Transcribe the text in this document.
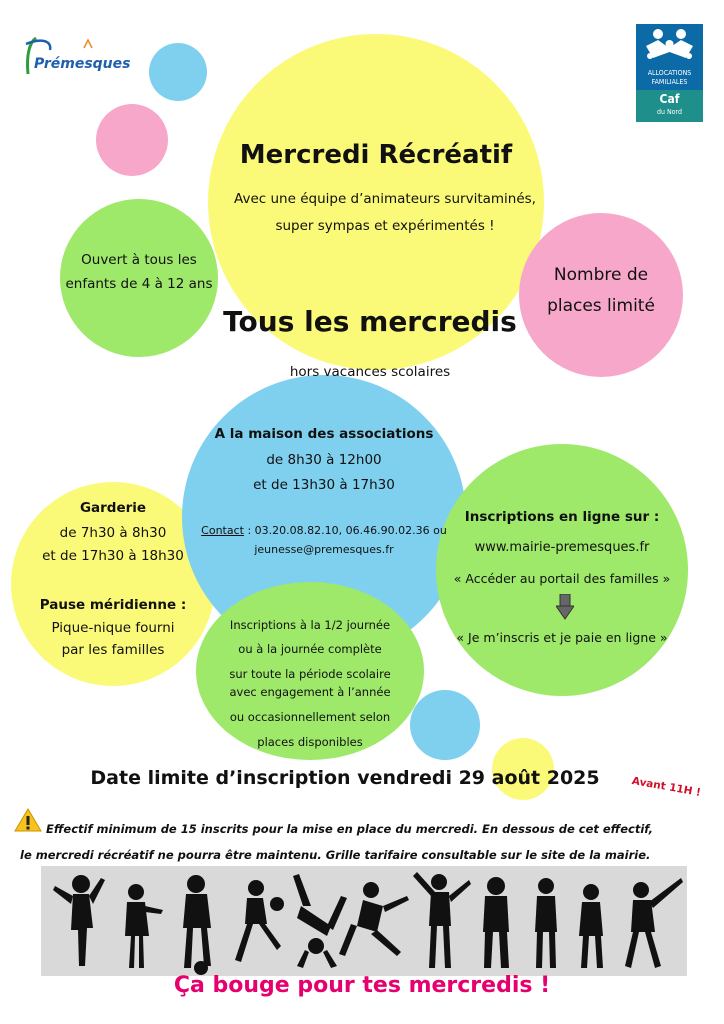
Prémesques
ALLOCATIONS
FAMILIALES
Caf
du Nord
Mercredi Récréatif
Avec une équipe d’animateurs survitaminés,
super sympas et expérimentés !
Ouvert à tous les
enfants de 4 à 12 ans	Nombre de
places limité
Tous les mercredis
hors vacances scolaires
A la maison des associations
de 8h30 à 12h00
et de 13h30 à 17h30
Contact : 03.20.08.82.10, 06.46.90.02.36 ou
jeunesse@premesques.fr
Garderie
de 7h30 à 8h30
et de 17h30 à 18h30
Pause méridienne :
Pique-nique fourni
par les familles
Inscriptions en ligne sur :
www.mairie-premesques.fr
« Accéder au portail des familles »
« Je m’inscris et je paie en ligne »
Inscriptions à la 1/2 journée
ou à la journée complète
sur toute la période scolaire
avec engagement à l’année
ou occasionnellement selon
places disponibles
Date limite d’inscription vendredi 29 août 2025	Avant 11H !
Effectif minimum de 15 inscrits pour la mise en place du mercredi. En dessous de cet effectif,
le mercredi récréatif ne pourra être maintenu. Grille tarifaire consultable sur le site de la mairie.
Ça bouge pour tes mercredis !
